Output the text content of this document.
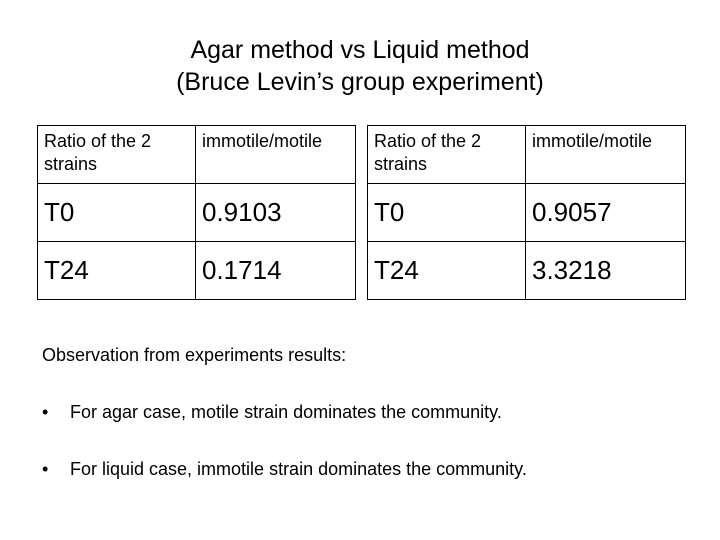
Agar method vs Liquid method
(Bruce Levin’s group experiment)
Ratio of the 2 strains	immotile/motile		Ratio of the 2 strains	immotile/motile
T0	0.9103		T0	0.9057
T24	0.1714		T24	3.3218
Observation from experiments results:
•	For agar case, motile strain dominates the community.
•	For liquid case, immotile strain dominates the community.
